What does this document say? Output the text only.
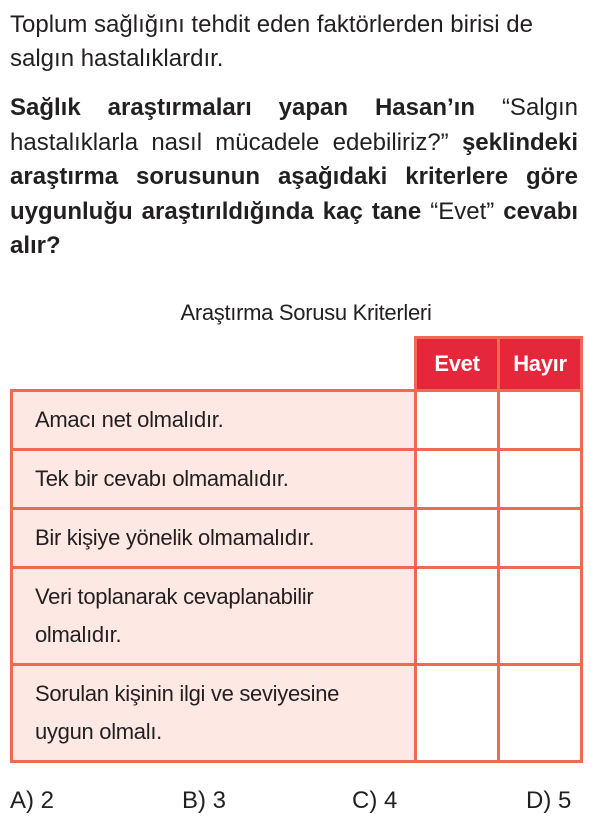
Toplum sağlığını tehdit eden faktörlerden birisi de salgın hastalıklardır.

Sağlık araştırmaları yapan Hasan’ın “Salgın hastalıklarla nasıl mücadele edebiliriz?” şeklindeki araştırma sorusunun aşağıdaki kriterlere göre uygunluğu araştırıldığında kaç tane “Evet” cevabı alır?

Araştırma Sorusu Kriterleri
	Evet	Hayır
Amacı net olmalıdır.		
Tek bir cevabı olmamalıdır.		
Bir kişiye yönelik olmamalıdır.		
Veri toplanarak cevaplanabilir olmalıdır.		
Sorulan kişinin ilgi ve seviyesine uygun olmalı.		
A) 2	B) 3	C) 4	D) 5
